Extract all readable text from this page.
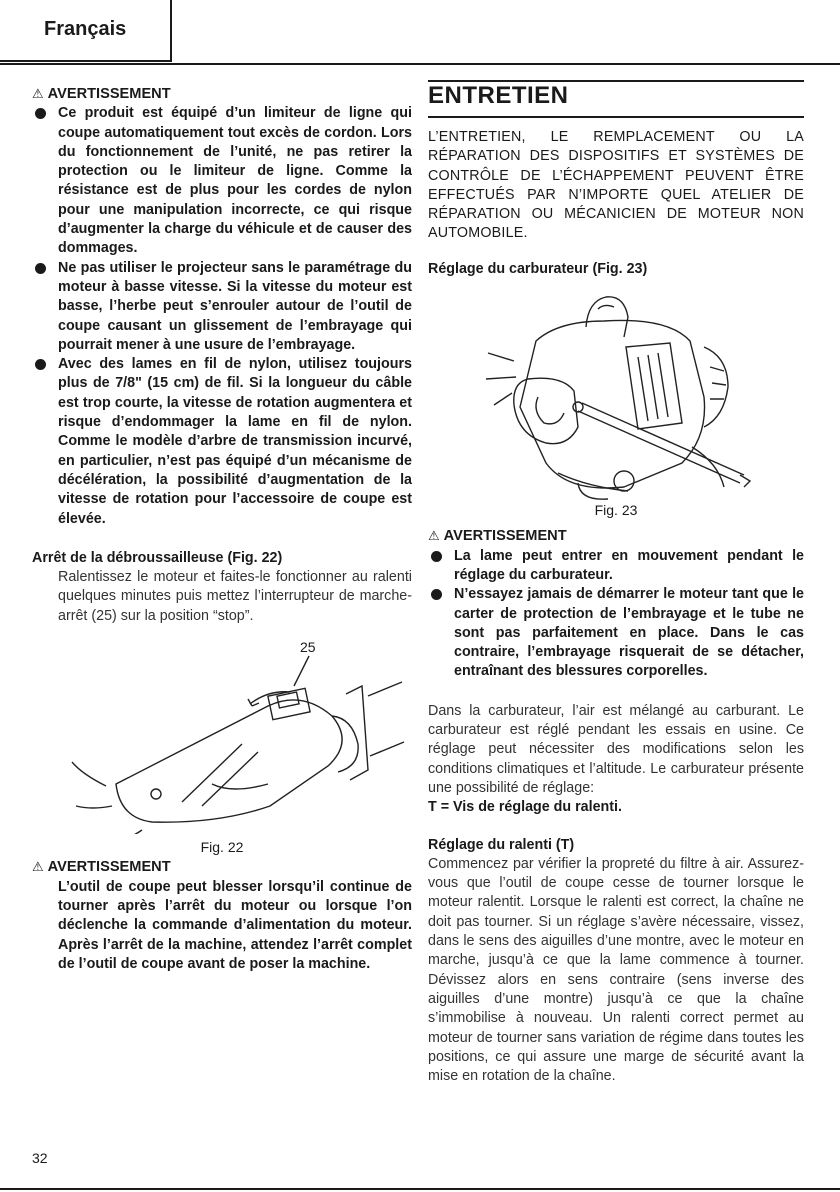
Français
⚠ AVERTISSEMENT
Ce produit est équipé d’un limiteur de ligne qui coupe automatiquement tout excès de cordon. Lors du fonctionnement de l’unité, ne pas retirer la protection ou le limiteur de ligne. Comme la résistance est de plus pour les cordes de nylon pour une manipulation incorrecte, ce qui risque d’augmenter la charge du véhicule et de causer des dommages.
Ne pas utiliser le projecteur sans le paramétrage du moteur à basse vitesse. Si la vitesse du moteur est basse, l’herbe peut s’enrouler autour de l’outil de coupe causant un glissement de l’embrayage qui pourrait mener à une usure de l’embrayage.
Avec des lames en fil de nylon, utilisez toujours plus de 7/8" (15 cm) de fil. Si la longueur du câble est trop courte, la vitesse de rotation augmentera et risque d’endommager la lame en fil de nylon. Comme le modèle d’arbre de transmission incurvé, en particulier, n’est pas équipé d’un mécanisme de décélération, la possibilité d’augmentation de la vitesse de rotation pour l’accessoire de coupe est élevée.
Arrêt de la débroussailleuse (Fig. 22)
Ralentissez le moteur et faites-le fonctionner au ralenti quelques minutes puis mettez l’interrupteur de marche-arrêt (25) sur la position “stop”.
25
Fig. 22
⚠ AVERTISSEMENT
L’outil de coupe peut blesser lorsqu’il continue de tourner après l’arrêt du moteur ou lorsque l’on déclenche la commande d’alimentation du moteur. Après l’arrêt de la machine, attendez l’arrêt complet de l’outil de coupe avant de poser la machine.
ENTRETIEN
L’ENTRETIEN, LE REMPLACEMENT OU LA RÉPARATION DES DISPOSITIFS ET SYSTÈMES DE CONTRÔLE DE L’ÉCHAPPEMENT PEUVENT ÊTRE EFFECTUÉS PAR N’IMPORTE QUEL ATELIER DE RÉPARATION OU MÉCANICIEN DE MOTEUR NON AUTOMOBILE.
Réglage du carburateur (Fig. 23)
Fig. 23
⚠ AVERTISSEMENT
La lame peut entrer en mouvement pendant le réglage du carburateur.
N’essayez jamais de démarrer le moteur tant que le carter de protection de l’embrayage et le tube ne sont pas parfaitement en place. Dans le cas contraire, l’embrayage risquerait de se détacher, entraînant des blessures corporelles.
Dans la carburateur, l’air est mélangé au carburant. Le carburateur est réglé pendant les essais en usine. Ce réglage peut nécessiter des modifications selon les conditions climatiques et l’altitude. Le carburateur présente une possibilité de réglage:
T = Vis de réglage du ralenti.
Réglage du ralenti (T)
Commencez par vérifier la propreté du filtre à air. Assurez-vous que l’outil de coupe cesse de tourner lorsque le moteur ralentit. Lorsque le ralenti est correct, la chaîne ne doit pas tourner. Si un réglage s’avère nécessaire, vissez, dans le sens des aiguilles d’une montre, avec le moteur en marche, jusqu’à ce que la lame commence à tourner. Dévissez alors en sens contraire (sens inverse des aiguilles d’une montre) jusqu’à ce que la chaîne s’immobilise à nouveau. Un ralenti correct permet au moteur de tourner sans variation de régime dans toutes les positions, ce qui assure une marge de sécurité avant la mise en rotation de la chaîne.
32
